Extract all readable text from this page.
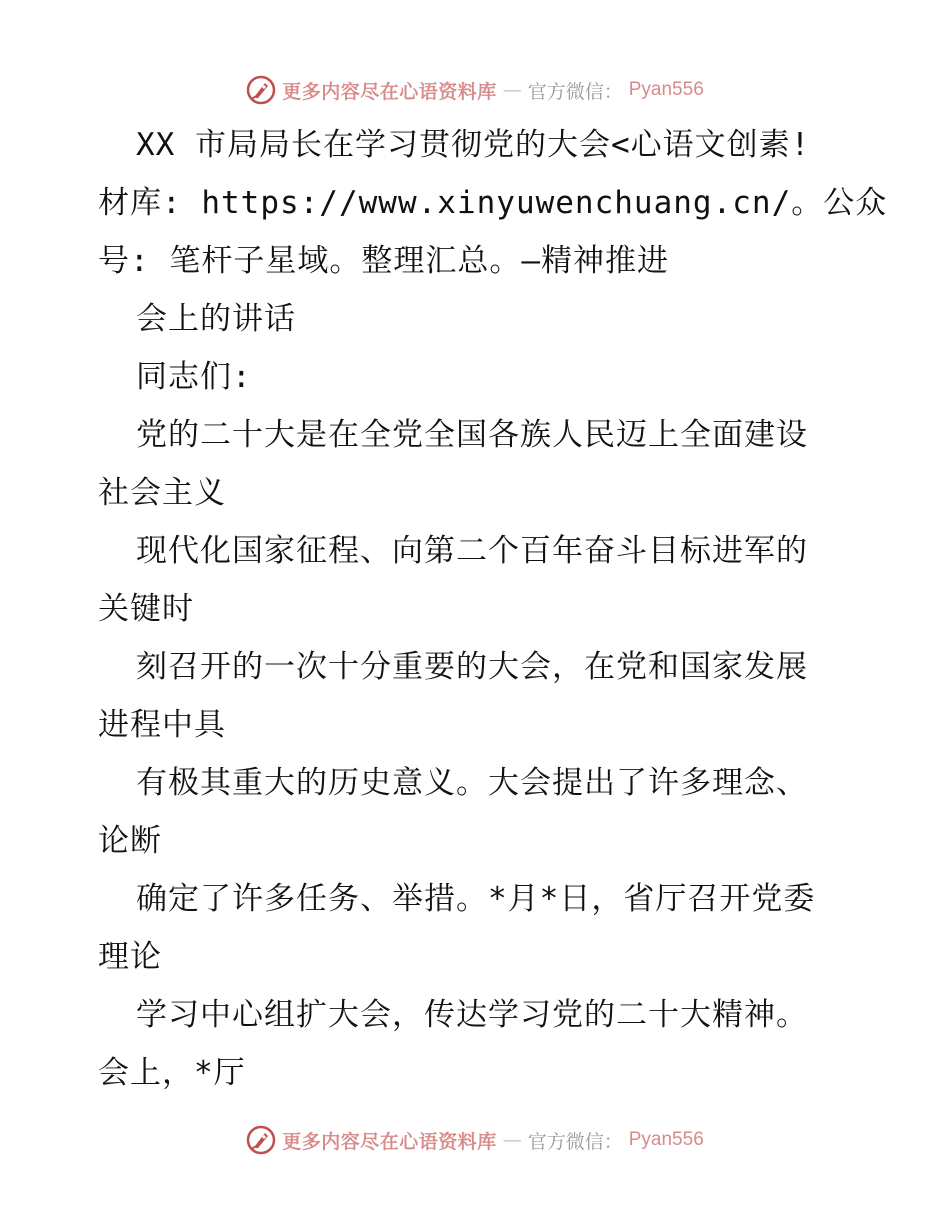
更多内容尽在心语资料库 — 官方微信： Pyan556
XX 市局局长在学习贯彻党的大会<心语文创素!
材库: https://www.xinyuwenchuang.cn/。公众
号: 笔杆子星域。整理汇总。—精神推进
会上的讲话
同志们:
党的二十大是在全党全国各族人民迈上全面建设
社会主义
现代化国家征程、向第二个百年奋斗目标进军的
关键时
刻召开的一次十分重要的大会，在党和国家发展
进程中具
有极其重大的历史意义。大会提出了许多理念、
论断
确定了许多任务、举措。*月*日，省厅召开党委
理论
学习中心组扩大会，传达学习党的二十大精神。
会上，*厅
更多内容尽在心语资料库 — 官方微信： Pyan556
